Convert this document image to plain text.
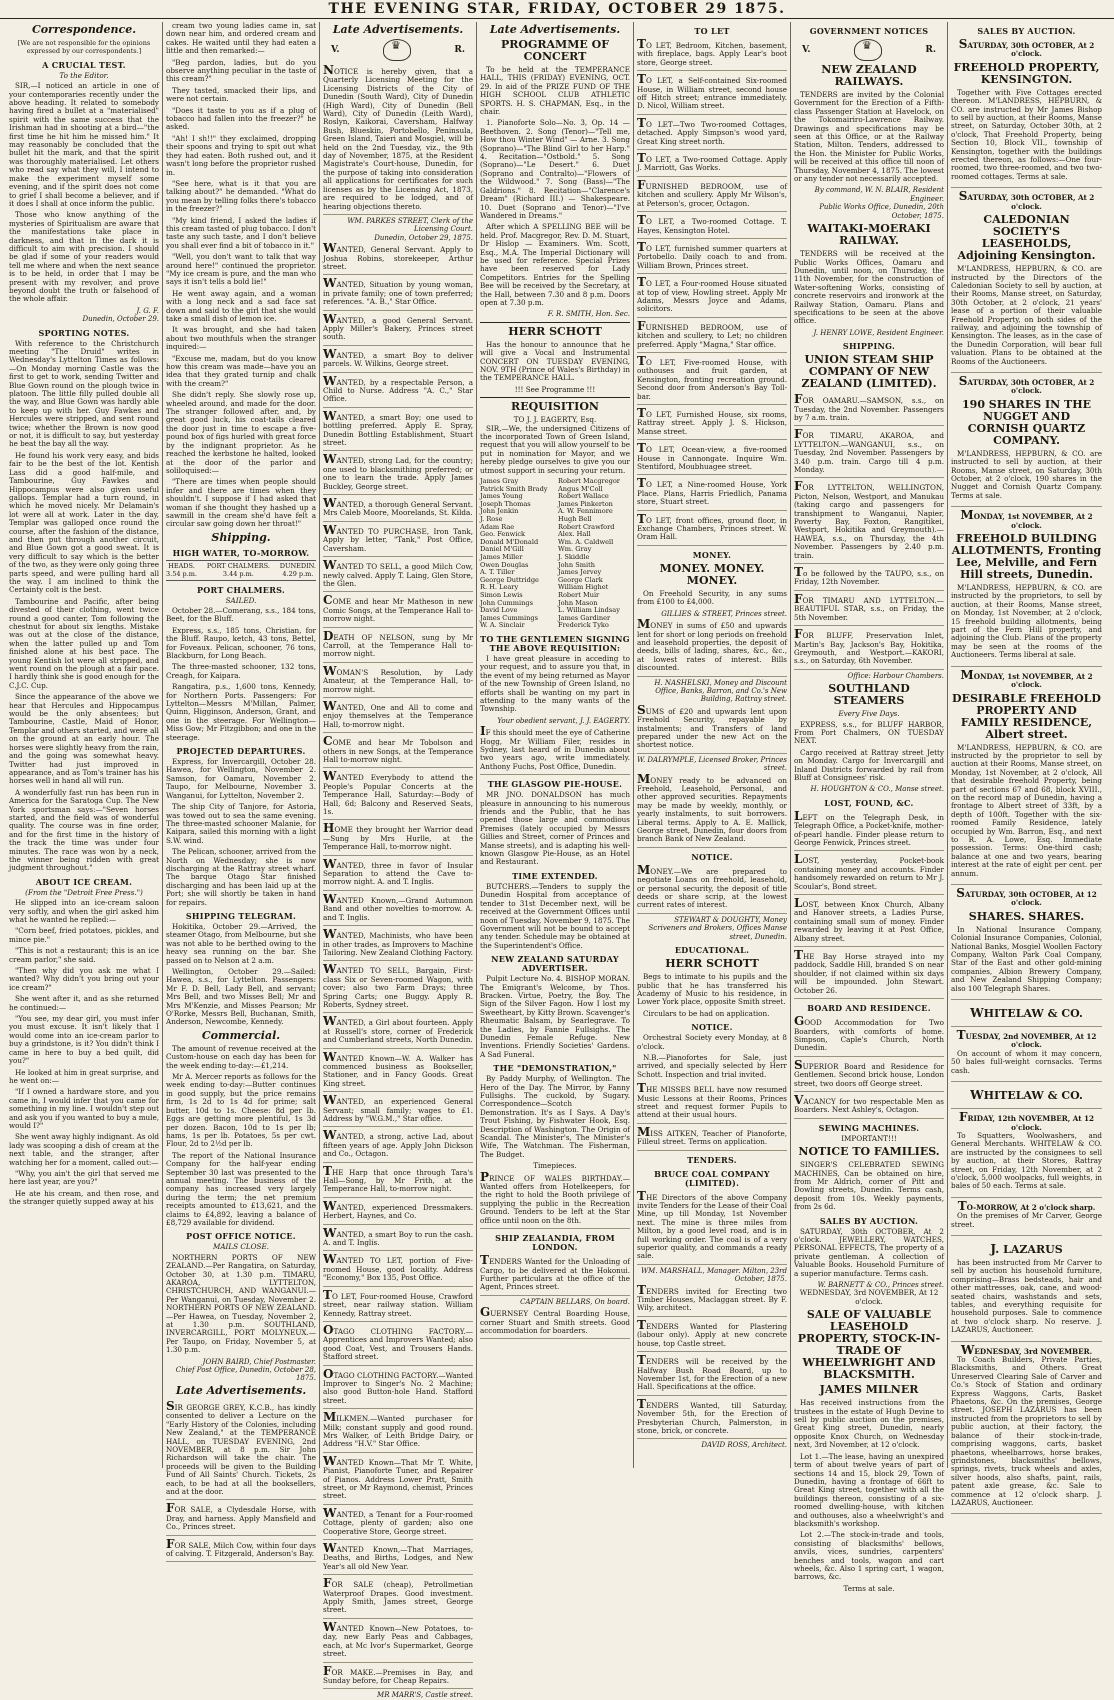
THE EVENING STAR, FRIDAY, OCTOBER 29 1875.
Correspondence.

[We are not responsible for the opinions expressed by our correspondents.]

A CRUCIAL TEST.
To the Editor.

SIR,—I noticed an article in one of your contemporaries recently under the above heading. It related to somebody having fired a bullet at a "materialised" spirit with the same success that the Irishman had in shooting at a bird—"the first time he hit him he missed him." It may reasonably be concluded that the bullet hit the mark, and that the spirit was thoroughly materialised. Let others who read say what they will, I intend to make the experiment myself some evening, and if the spirit does not come to grief I shall become a believer, and if it does I shall at once inform the public.

Those who know anything of the mysteries of Spiritualism are aware that the manifestations take place in darkness, and that in the dark it is difficult to aim with precision. I should be glad if some of your readers would tell me where and when the next seance is to be held, in order that I may be present with my revolver, and prove beyond doubt the truth or falsehood of the whole affair.

J. G. F.
Dunedin, October 29.
SPORTING NOTES.

With reference to the Christchurch meeting "The Druid" writes in Wednesday's Lyttelton Times as follows:—On Monday morning Castle was the first to get to work, sending Twitter and Blue Gown round on the plough twice in platoon. The little filly pulled double all the way, and Blue Gown was hardly able to keep up with her. Guy Fawkes and Hercules were stripped, and sent round twice; whether the Brown is now good or not, it is difficult to say, but yesterday he beat the bay all the way.

He found his work very easy, and bids fair to be the best of the lot. Kentish Lass did a good half-mile, and Tambourine, Guy Fawkes and Hippocampus were also given useful gallops. Templar had a turn round, in which he moved nicely. Mr Delamain's lot were all at work. Later in the day, Templar was galloped once round the course, after the fashion of the distance, and then put through another circuit, and Blue Gown got a good sweat. It is very difficult to say which is the better of the two, as they were only going three parts speed, and were pulling hard all the way. I am inclined to think the Certainty colt is the best.

Tambourine and Pacific, after being divested of their clothing, went twice round a good canter, Tom following the chestnut for about six lengths. Mistake was out at the close of the distance, when the latter pulled up and Tom finished alone at his best pace. The young Kentish lot were all stripped, and went round on the plough at a fair pace. I hardly think she is good enough for the C.J.C. Cup.

Since the appearance of the above we hear that Hercules and Hippocampus would be the only absentees; but Tambourine, Castle, Maid of Honor, Templar and others started, and were all on the ground at an early hour. The horses were slightly heavy from the rain, and the going was somewhat heavy. Twitter had just improved in appearance, and as Tom's trainer has his horses well in hand all will run.

A wonderfully fast run has been run in America for the Saratoga Cup. The New York sportsman says:—"Seven horses started, and the field was of wonderful quality. The course was in fine order, and for the first time in the history of the track the time was under four minutes. The race was won by a neck, the winner being ridden with great judgment throughout."

ABOUT ICE CREAM.
(From the "Detroit Free Press.")

He slipped into an ice-cream saloon very softly, and when the girl asked him what he wanted he replied:—

"Corn beef, fried potatoes, pickles, and mince pie."

"This is not a restaurant; this is an ice cream parlor," she said.

"Then why did you ask me what I wanted? Why didn't you bring out your ice cream?"

She went after it, and as she returned he continued:—

"You see, my dear girl, you must infer you must excuse. It isn't likely that I would come into an ice-cream parlor to buy a grindstone, is it? You didn't think I came in here to buy a bed quilt, did you?"

He looked at him in great surprise, and he went on:—

"If I owned a hardware store, and you came in, I would infer that you came for something in my line. I wouldn't step out and ask you if you wanted to buy a mule, would I?"

She went away highly indignant. As old lady was scooping a dish of cream at the next table, and the stranger, after watching her for a moment, called out:—

"Why, you ain't the girl that served me here last year, are you?"

He ate his cream, and then rose, and the stranger quietly supped away at his

cream two young ladies came in, sat down near him, and ordered cream and cakes. He waited until they had eaten a little and then remarked:—

"Beg pardon, ladies, but do you observe anything peculiar in the taste of this cream?"

They tasted, smacked their lips, and were not certain.

"Does it taste to you as if a plug of tobacco had fallen into the freezer?" he asked.

"Ah! I sh!!" they exclaimed, dropping their spoons and trying to spit out what they had eaten. Both rushed out, and it wasn't long before the proprietor rushed in.

"See here, what is it that you are talking about?" he demanded. "What do you mean by telling folks there's tobacco in the freezer?"

"My kind friend, I asked the ladies if this cream tasted of plug tobacco. I don't taste any such taste, and I don't believe you shall ever find a bit of tobacco in it."

"Well, you don't want to talk that way around here!" continued the proprietor. "My ice cream is pure, and the man who says it isn't tells a bold lie!"

He went away again, and a woman with a long neck and a sad face sat down and said to the girl that she would take a small dish of lemon ice.

It was brought, and she had taken about two mouthfuls when the stranger inquired:—

"Excuse me, madam, but do you know how this cream was made—have you an idea that they grated turnip and chalk with the cream?"

She didn't reply. She slowly rose up, wheeled around, and made for the door. The stranger followed after, and, by great good luck, his coat-tails cleared the door just in time to escape a five-pound box of figs hurled with great force by the indignant proprietor. As he reached the kerbstone he halted, looked at the door of the parlor and soliloquised:—

"There are times when people should infer and there are times when they shouldn't. I suppose if I had asked that woman if she thought they hashed up a sawmill in the cream she'd have felt a circular saw going down her throat!"

Shipping.
HIGH WATER, TO-MORROW.
HEADS.
3.54 p.m.
PORT CHALMERS.
3.44 p.m.
DUNEDIN.
4.29 p.m.
PORT CHALMERS.
SAILED.

October 28.—Comerang, s.s., 184 tons, Beet, for the Bluff.

Express, s.s., 185 tons, Christian, for the Bluff. Raupo, ketch, 43 tons, Bettel, for Foveaux. Pelican, schooner, 76 tons, Blackburn, for Long Beach.

The three-masted schooner, 132 tons, Creagh, for Kaipara.

Rangatira, p.s., 1,600 tons, Kennedy, for Northern Ports. Passengers: For Lyttelton—Messrs M'Millan, Palmer, Quinn, Higginson, Anderson, Grant, and one in the steerage. For Wellington—Miss Gow; Mr Fitzgibbon; and one in the steerage.

PROJECTED DEPARTURES.

Express, for Invercargill, October 28. Hawea, for Wellington, November 2. Samson, for Oamaru, November 2. Taupo, for Melbourne, November 3. Wanganui, for Lyttelton, November 2.

The ship City of Tanjore, for Astoria, was towed out to sea the same evening. The three-masted schooner Malanie, for Kaipara, sailed this morning with a light S.W. wind.

The Pelican, schooner, arrived from the North on Wednesday; she is now discharging at the Rattray street wharf. The barque Otago Star finished discharging and has been laid up at the Port; she will shortly be taken in hand for repairs.

SHIPPING TELEGRAM.

Hokitika, October 29.—Arrived, the steamer Otago, from Melbourne, but she was not able to be berthed owing to the heavy sea running on the bar. She passed on to Nelson at 2 a.m.

Wellington, October 29.—Sailed: Hawea, s.s., for Lyttelton. Passengers: Mr F. D. Bell, Lady Bell, and servant; Mrs Bell, and two Misses Bell; Mr and Mrs M'Kenzie, and Misses Pearson; Mr O'Rorke, Messrs Bell, Buchanan, Smith, Anderson, Newcombe, Kennedy.

Commercial.

The amount of revenue received at the Custom-house on each day has been for the week ending to-day:—£1,214.

Mr A. Mercer reports as follows for the week ending to-day:—Butter continues in good supply, but the price remains firm, 1s 2d to 1s 4d for prime; salt butter, 10d to 1s. Cheese: 8d per lb. Eggs are getting more plentiful, 1s 3d per dozen. Bacon, 10d to 1s per lb; hams, 1s per lb. Potatoes, 5s per cwt. Flour, 2d to 2½d per lb.

The report of the National Insurance Company for the half-year ending September 30 last was presented to the annual meeting. The business of the company has increased very largely during the term; the net premium receipts amounted to £13,621, and the claims to £4,892, leaving a balance of £8,729 available for dividend.

POST OFFICE NOTICE.
MAILS CLOSE.

NORTHERN PORTS OF NEW ZEALAND.—Per Rangatira, on Saturday, October 30, at 1.30 p.m. TIMARU, AKAROA, LYTTELTON, CHRISTCHURCH, AND WANGANUI.—Per Wanganui, on Tuesday, November 2. NORTHERN PORTS OF NEW ZEALAND.—Per Hawea, on Tuesday, November 2, at 1.30 p.m. SOUTHLAND, INVERCARGILL, PORT MOLYNEUX.—Per Taupo, on Friday, November 5, at 1.30 p.m.

JOHN BAIRD, Chief Postmaster.
Chief Post Office, Dunedin, October 28, 1875.
Late Advertisements.
SIR GEORGE GREY, K.C.B., has kindly consented to deliver a Lecture on the "Early History of the Colonies, including New Zealand," at the TEMPERANCE HALL, on TUESDAY EVENING, 2nd NOVEMBER, at 8 p.m. Sir John Richardson will take the chair. The proceeds will be given to the Building Fund of All Saints' Church. Tickets, 2s each, to be had at all the booksellers, and at the door.
FOR SALE, a Clydesdale Horse, with Dray, and harness. Apply Mansfield and Co., Princes street.
FOR SALE, Milch Cow, within four days of calving. T. Fitzgerald, Anderson's Bay.
Late Advertisements.
V. ♛	R.
NOTICE is hereby given, that a Quarterly Licensing Meeting for the Licensing Districts of the City of Dunedin (South Ward), City of Dunedin (High Ward), City of Dunedin (Bell Ward), City of Dunedin (Leith Ward), Roslyn, Kaikorai, Caversham, Halfway Bush, Blueskin, Portobello, Peninsula, Green Island, Taieri and Mosgiel, will be held on the 2nd Tuesday, viz., the 9th day of November, 1875, at the Resident Magistrate's Court-house, Dunedin, for the purpose of taking into consideration all applications for certificates for such licenses as by the Licensing Act, 1873, are required to be lodged, and of hearing objections thereto.
WM. PARKES STREET, Clerk of the Licensing Court.
Dunedin, October 29, 1875.
WANTED, General Servant. Apply to Joshua Robins, storekeeper, Arthur street.
WANTED, Situation by young woman, in private family; one of town preferred; references. "A. B.," Star Office.
WANTED, a good General Servant. Apply Miller's Bakery, Princes street south.
WANTED, a smart Boy to deliver parcels. W. Wilkins, George street.
WANTED, by a respectable Person, a Child to Nurse. Address "A. C.," Star Office.
WANTED, a smart Boy; one used to bottling preferred. Apply E. Spray, Dunedin Bottling Establishment, Stuart street.
WANTED, strong Lad, for the country; one used to blacksmithing preferred; or one to learn the trade. Apply James Buckley, George street.
WANTED, a thorough General Servant. Mrs Caleb Moore, Moorelands, St. Kilda.
WANTED TO PURCHASE, Iron Tank, Apply by letter, "Tank," Post Office, Caversham.
WANTED TO SELL, a good Milch Cow, newly calved. Apply T. Laing, Glen Store, the Glen.
COME and hear Mr Matheson in new Comic Songs, at the Temperance Hall to-morrow night.
DEATH OF NELSON, sung by Mr Carroll, at the Temperance Hall to-morrow night.
WOMAN'S Resolution, by Lady Amateur, at the Temperance Hall, to-morrow night.
WANTED, One and All to come and enjoy themselves at the Temperance Hall, to-morrow night.
COME and hear Mr Tobolson and others in new Songs, at the Temperance Hall to-morrow night.
WANTED Everybody to attend the People's Popular Concerts at the Temperance Hall, Saturday:—Body of Hall, 6d; Balcony and Reserved Seats, 1s.
HOME they brought her Warrior dead—Sung by Mrs Hurlle, at the Temperance Hall, to-morrow night.
WANTED, three in favor of Insular Separation to attend the Cave to-morrow night. A. and T. Inglis.
WANTED Known,—Grand Autumnon Band and other novelties to-morrow. A. and T. Inglis.
WANTED, Machinists, who have been in other trades, as Improvers to Machine Tailoring. New Zealand Clothing Factory.
WANTED TO SELL, Bargain, First-class Six or Seven-roomed Wagon, with cover; also two Farm Drays; three Spring Carts; one Buggy. Apply R. Roberts, Sydney street.
WANTED, a Girl about fourteen. Apply at Russell's store, corner of Frederick and Cumberland streets, North Dunedin.
WANTED Known—W. A. Walker has commenced business as Bookseller, Stationer, and in Fancy Goods. Great King street.
WANTED, an experienced General Servant; small family; wages to £1. Address by "W.G.M.," Star office.
WANTED, a strong, active Lad, about fifteen years of age. Apply John Dickson and Co., Octagon.
THE Harp that once through Tara's Hall—Song, by Mr Frith, at the Temperance Hall, to-morrow night.
WANTED, experienced Dressmakers. Herbert, Haynes, and Co.
WANTED, a smart Boy to run the cash. A. and T. Inglis.
WANTED TO LET, portion of Five-roomed House, good locality. Address "Economy," Box 135, Post Office.
TO LET, Four-roomed House, Crawford street, near railway station. William Kennedy, Rattray street.
OTAGO CLOTHING FACTORY.—Apprentices and Improvers Wanted; also good Coat, Vest, and Trousers Hands. Stafford street.
OTAGO CLOTHING FACTORY.—Wanted Improver to Singer's No. 2 Machine; also good Button-hole Hand. Stafford street.
MILKMEN.—Wanted purchaser for Milk; constant supply and good round. Mrs Walker, of Leith Bridge Dairy, or Address "H.V." Star Office.
WANTED Known—That Mr T. White, Pianist, Pianoforte Tuner, and Repairer of Pianos. Address Lower Pratt, Smith street, or Mr Raymond, chemist, Princes street.
WANTED, a Tenant for a Four-roomed Cottage, plenty of garden; also one Cooperative Store, George street.
WANTED Known,—That Marriages, Deaths, and Births, Lodges, and New Year's all old New Year.
FOR SALE (cheap), Petrollmetian Waterproof Drapes. Good investment. Apply Smith, James street, George street.
WANTED Known—New Potatoes, to-day, new Early Peas and Cabbages, each, at Mc Ivor's Supermarket, George street.
FOR MAKE.—Premises in Bay, and Sunday before, for Cheap Repairs.
MR MARR'S, Castle street.
Late Advertisements.
PROGRAMME OF CONCERT

To be held at the TEMPERANCE HALL, THIS (FRIDAY) EVENING, OCT. 29. In aid of the PRIZE FUND OF THE HIGH SCHOOL CLUB ATHLETIC SPORTS. H. S. CHAPMAN, Esq., in the chair.

1. Pianoforte Solo—No. 3, Op. 14 — Beethoven. 2. Song (Tenor)—"Tell me, How thou Winter Wind" — Arne. 3. Song (Soprano)—"The Blind Girl to her Harp." 4. Recitation—"Ostbold." 5. Song (Soprano)—"Le Desert." 6. Duet (Soprano and Contralto)—"Flowers of the Wildwood." 7. Song (Bass)—"The Galdrions." 8. Recitation—"Clarence's Dream" (Richard III.) — Shakespeare. 10. Duet (Soprano and Tenor)—"I've Wandered in Dreams."

After which A SPELLING BEE will be held. Prof. Macgregor, Rev. D. M. Stuart, Dr Hislop — Examiners. Wm. Scott, Esq., M.A. The Imperial Dictionary will be used for reference. Special Prizes have been reserved for Lady Competitors. Entries for the Spelling Bee will be received by the Secretary, at the Hall, between 7.30 and 8 p.m. Doors open at 7.30 p.m.

F. R. SMITH, Hon. Sec.
HERR SCHOTT

Has the honour to announce that he will give a Vocal and Instrumental CONCERT ON TUESDAY EVENING, NOV. 9TH (Prince of Wales's Birthday) in the TEMPERANCE HALL.

!!! See Programme !!!
REQUISITION
TO J. J. EAGERTY, Esq.

SIR,—We, the undersigned Citizens of the incorporated Town of Green Island, request that you will allow yourself to be put in nomination for Mayor, and we hereby pledge ourselves to give you our utmost support in securing your return.

James Gray
Patrick Smith Brady
James Young
Joseph Thomas
John Jenkin
J. Rose
Adam Rae
Geo. Fenwick
Donald M'Donald
Daniel M'Gill
James Miller
Owen Douglas
A. T. Tiller
George Duttridge
R. H. Leary
Simon Lewis
John Cummings
David Love
James Cummings
W. A. Sinclair
Robert Macgregor
Angus M'Coll
Robert Wallace
James Pinkerton
A. W. Fennimore
Hugh Bell
Robert Crawford
Alex. Hall
Wm. A. Caldwell
Wm. Gray
J. Skiddle
John Smith
James Jervey
George Clark
William Highet
Robert Muir
John Mason
L. William Lindsay
James Gardiner
Frederick Tyko
TO THE GENTLEMEN SIGNING THE ABOVE REQUISITION:

I have great pleasure in acceding to your request, and to assure you that, in the event of my being returned as Mayor of the new Township of Green Island, no efforts shall be wanting on my part in attending to the many wants of the Township.

Your obedient servant, J. J. EAGERTY.
IF this should meet the eye of Catherine Hogg, Mr William Filer, resides in Sydney, last heard of in Dunedin about two years ago, write immediately. Anthony Fuchs, Post Office, Dunedin.
THE GLASGOW PIE-HOUSE.

MR JNO. DONALDSON has much pleasure in announcing to his numerous friends and the Public, that he has opened those large and commodious Premises (lately occupied by Messrs Gillies and Street, corner of Princes and Manse streets), and is adapting his well-known Glasgow Pie-House, as an Hotel and Restaurant.

TIME EXTENDED.

BUTCHERS.—Tenders to supply the Dunedin Hospital from acceptance of tender to 31st December next, will be received at the Government Offices until noon of Tuesday, November 9, 1875. The Government will not be bound to accept any tender. Schedule may be obtained at the Superintendent's Office.

NEW ZEALAND SATURDAY ADVERTISER.

Pulpit Lecture No. 4. BISHOP MORAN. The Emigrant's Welcome, by Thos. Bracken. Virtue, Poetry, the Boy. The Sign of the Silver Fagon. How I lost my Sweetheart, by Kitty Brown. Scavenger's Rheumatic Balsam, by Searlegrave. To the Ladies, by Fannie Fullsighs. The Dunedin Female Refuge. New Inventions. Friendly Societies' Gardens. A Sad Funeral.

THE "DEMONSTRATION,"

By Paddy Murphy, of Wellington. The Hero of the Day. The Mirror, by Fanny Fullsighs. The cuckold, by Sugary. Correspondence—Scotch Demonstration. It's as I Says. A Day's Trout Fishing, by Fishwater Hook, Esq. Description of Washington. The Origin of Scandal. The Minister's, The Minister's Wife, The Watchman. The Fisherman, The Budget.

Timepieces.
PRINCE OF WALES BIRTHDAY.—Wanted offers from Hotelkeepers, for the right to hold the Booth privilege of supplying the public in the Recreation Ground. Tenders to be left at the Star office until noon on the 8th.
SHIP ZEALANDIA, FROM LONDON.
TENDERS Wanted for the Unloading of Cargo, to be delivered at the Hokonui. Further particulars at the office of the Agent, Princes street.
CAPTAIN BELLARS, On board.
GUERNSEY Central Boarding House, corner Stuart and Smith streets. Good accommodation for boarders.
TO LET
TO LET, Bedroom, Kitchen, basement, with fireplace, bags. Apply Lear's boot store, George street.
TO LET, a Self-contained Six-roomed House, in William street, second house off Hitch street; entrance immediately. D. Nicol, William street.
TO LET—Two Two-roomed Cottages, detached. Apply Simpson's wood yard, Great King street north.
TO LET, a Two-roomed Cottage. Apply J. Marriott, Gas Works.
FURNISHED BEDROOM, use of kitchen and scullery. Apply Mr Wilson's, at Peterson's, grocer, Octagon.
TO LET, a Two-roomed Cottage. T. Hayes, Kensington Hotel.
TO LET, furnished summer quarters at Portobello. Daily coach to and from. William Brown, Princes street.
TO LET, a Four-roomed House situated at top of view, Howling street. Apply Mr Adams, Messrs Joyce and Adams, solicitors.
FURNISHED BEDROOM, use of kitchen and scullery, to Let; no children preferred. Apply "Magna," Star office.
TO LET, Five-roomed House, with outhouses and fruit garden, at Kensington, fronting recreation ground. Second door from Anderson's Bay Toll-bar.
TO LET, Furnished House, six rooms, Rattray street. Apply J. S. Hickson, Manse street.
TO LET, Ocean-view, a five-roomed House in Cannongate. Inquire Wm. Stentiford, Moubhuagee street.
TO LET, a Nine-roomed House, York Place. Plans, Harris Friedlich, Panama store, Stuart street.
TO LET, front offices, ground floor, in Exchange Chambers, Princes street. W. Oram Hall.
MONEY.
MONEY. MONEY. MONEY.

On Freehold Security, in any sums from £100 to £4,000.

GILLIES & STREET, Princes street.
MONEY in sums of £50 and upwards lent for short or long periods on freehold and leasehold properties, the deposit of deeds, bills of lading, shares, &c., &c., at lowest rates of interest. Bills discounted.
H. NASHELSKI, Money and Discount Office, Banks, Barron, and Co.'s New Building, Rattray street.
SUMS of £20 and upwards lent upon Freehold Security, repayable by instalments; and Transfers of land prepared under the new Act on the shortest notice.
W. DALRYMPLE, Licensed Broker, Princes street.
MONEY ready to be advanced on Freehold, Leasehold, Personal, and other approved securities. Repayments may be made by weekly, monthly, or yearly instalments, to suit borrowers. Liberal terms. Apply to A. E. Mallick, George street, Dunedin, four doors from branch Bank of New Zealand.
NOTICE.
MONEY.—We are prepared to negotiate Loans on freehold, leasehold, or personal security, the deposit of title deeds or share scrip, at the lowest current rates of interest.
STEWART & DOUGHTY, Money Scriveners and Brokers, Offices Manse street, Dunedin.
EDUCATIONAL.
HERR SCHOTT

Begs to intimate to his pupils and the public that he has transferred his Academy of Music to his residence, in Lower York place, opposite Smith street.

Circulars to be had on application.

NOTICE.

Orchestral Society every Monday, at 8 o'clock.

N.B.—Pianofortes for Sale, just arrived, and specially selected by Herr Schott. Inspection and trial invited.

THE MISSES BELL have now resumed Music Lessons at their Rooms, Princes street and request former Pupils to attend at their usual hours.
MISS AITKEN, Teacher of Pianoforte, Filleul street. Terms on application.
TENDERS.
BRUCE COAL COMPANY (LIMITED).
THE Directors of the above Company invite Tenders for the Lease of their Coal Mine, up till Monday, 1st November next. The mine is three miles from Milton, by a good level road, and is in full working order. The coal is of a very superior quality, and commands a ready sale.
WM. MARSHALL, Manager. Milton, 23rd October, 1875.
TENDERS invited for Erecting two Timber Houses, Maclaggan street. By F. Wily, architect.
TENDERS Wanted for Plastering (labour only). Apply at new concrete house, top Castle street.
TENDERS will be received by the Halfway Bush Road Board, up to November 1st, for the Erection of a new Hall. Specifications at the office.
TENDERS Wanted, till Saturday, November 5th, for the Erection of Presbyterian Church, Palmerston, in stone, brick, or concrete.
DAVID ROSS, Architect.
GOVERNMENT NOTICES
V. ♛	R.
NEW ZEALAND RAILWAYS.

TENDERS are invited by the Colonial Government for the Erection of a Fifth-class Passenger Station at Havelock, on the Tokomairiro-Lawrence Railway. Drawings and specifications may be seen at this Office, or at the Railway Station, Milton. Tenders, addressed to the Hon. the Minister for Public Works, will be received at this office till noon of Thursday, November 4, 1875. The lowest or any tender not necessarily accepted.

By command, W. N. BLAIR, Resident Engineer.
Public Works Office, Dunedin, 20th October, 1875.
WAITAKI-MOERAKI RAILWAY.

TENDERS will be received at the Public Works Offices, Oamaru and Dunedin, until noon, on Thursday, the 11th November, for the construction of Water-softening Works, consisting of concrete reservoirs and ironwork at the Railway Station, Oamaru. Plans and specifications to be seen at the above office.

J. HENRY LOWE, Resident Engineer.
SHIPPING.
UNION STEAM SHIP COMPANY OF NEW ZEALAND (LIMITED).
FOR OAMARU.—SAMSON, s.s., on Tuesday, the 2nd November. Passengers by 7 a.m. train.
FOR TIMARU, AKAROA, and LYTTELTON.—WANGANUI, s.s., on Tuesday, 2nd November. Passengers by 3.40 p.m. train. Cargo till 4 p.m. Monday.
FOR LYTTELTON, WELLINGTON, Picton, Nelson, Westport, and Manukau (taking cargo and passengers for transhipment to Wanganui, Napier, Poverty Bay, Foxton, Rangitikei, Westport, Hokitika and Greymouth).—HAWEA, s.s., on Thursday, the 4th November. Passengers by 2.40 p.m. train.
To be followed by the TAUPO, s.s., on Friday, 12th November.
FOR TIMARU AND LYTTELTON.—BEAUTIFUL STAR, s.s., on Friday, the 5th November.
FOR BLUFF, Preservation Inlet, Martin's Bay, Jackson's Bay, Hokitika, Greymouth, and Westport.—KAKORI, s.s., on Saturday, 6th November.
Office: Harbour Chambers.
SOUTHLAND STEAMERS
Every Five Days.

EXPRESS, s.s., for BLUFF HARBOR, From Port Chalmers, ON TUESDAY NEXT.

Cargo received at Rattray street Jetty on Monday. Cargo for Invercargill and Inland Districts forwarded by rail from Bluff at Consignees' risk.

H. HOUGHTON & CO., Manse street.
LOST, FOUND, &C.
LEFT on the Telegraph Desk, in Telegraph Office, a Pocket-knife, mother-of-pearl handle. Finder please return to George Fenwick, Princes street.
LOST, yesterday, Pocket-book containing money and accounts. Finder handsomely rewarded on return to Mr J. Scoular's, Bond street.
LOST, between Knox Church, Albany and Hanover streets, a Ladies Purse, containing small sum of money. Finder rewarded by leaving it at Post Office, Albany street.
THE Bay Horse strayed into my paddock, Saddle Hill, branded S on near shoulder, if not claimed within six days will be impounded. John Stewart. October 26.
BOARD AND RESIDENCE.
GOOD Accommodation for Two Boarders, with comforts of home. Simpson, Caple's Church, North Dunedin.
SUPERIOR Board and Residence for Gentlemen. Second brick house, London street, two doors off George street.
VACANCY for two respectable Men as Boarders. Next Ashley's, Octagon.
SEWING MACHINES.
IMPORTANT!!!
NOTICE TO FAMILIES.

SINGER'S CELEBRATED SEWING MACHINES, Can be obtained on hire, from Mr Aldrich, corner of Pitt and Dowling streets, Dunedin. Terms cash, deposit from 10s. Weekly payments, from 2s 6d.

SALES BY AUCTION.

SATURDAY, 30th OCTOBER, At 2 o'clock. JEWELLERY, WATCHES, PERSONAL EFFECTS, The property of a private gentleman. A collection of Valuable Books. Household Furniture of a superior manufacture. Terms cash.

W. BARNETT & CO., Princes street.
WEDNESDAY, 3rd NOVEMBER, At 12 o'clock.
SALE OF VALUABLE LEASEHOLD PROPERTY, STOCK-IN-TRADE OF WHEELWRIGHT AND BLACKSMITH.
JAMES MILNER

Has received instructions from the trustees in the estate of Hugh Devine to sell by public auction on the premises, Great King street, Dunedin, nearly opposite Knox Church, on Wednesday next, 3rd November, at 12 o'clock.

Lot 1.—The lease, having an unexpired term of about twelve years of part of sections 14 and 15, block 29, Town of Dunedin, having a frontage of 66ft to Great King street, together with all the buildings thereon, consisting of a six-roomed dwelling-house, with kitchen and outhouses, also a wheelwright's and blacksmith's workshop.

Lot 2.—The stock-in-trade and tools, consisting of blacksmiths' bellows, anvils, vices, sundries, carpenters' benches and tools, wagon and cart wheels, &c. Also 1 spring cart, 1 wagon, barrows, &c.

Terms at sale.
SALES BY AUCTION.
SATURDAY, 30th OCTOBER, At 2 o'clock.
FREEHOLD PROPERTY, KENSINGTON.

Together with Five Cottages erected thereon. M'LANDRESS, HEPBURN, & CO. are instructed by Mr James Bishop to sell by auction, at their Rooms, Manse street, on Saturday, October 30th, at 2 o'clock, That Freehold Property, being Section 10, Block VII., township of Kensington, together with the buildings erected thereon, as follows:—One four-roomed, two three-roomed, and two two-roomed cottages. Terms at sale.

SATURDAY, 30th OCTOBER, At 2 o'clock.
CALEDONIAN SOCIETY'S LEASEHOLDS, Adjoining Kensington.

M'LANDRESS, HEPBURN, & CO. are instructed by the Directors of the Caledonian Society to sell by auction, at their Rooms, Manse street, on Saturday, 30th October, at 2 o'clock, 21 years' lease of a portion of their valuable Freehold Property, on both sides of the railway, and adjoining the township of Kensington. The leases, as in the case of the Dunedin Corporation, will bear full valuation. Plans to be obtained at the Rooms of the Auctioneers.

SATURDAY, 30th OCTOBER, At 2 o'clock.
190 SHARES IN THE NUGGET AND CORNISH QUARTZ COMPANY.

M'LANDRESS, HEPBURN, & CO. are instructed to sell by auction, at their Rooms, Manse street, on Saturday, 30th October, at 2 o'clock, 190 shares in the Nugget and Cornish Quartz Company. Terms at sale.

MONDAY, 1st NOVEMBER, At 2 o'clock.
FREEHOLD BUILDING ALLOTMENTS, Fronting Lee, Melville, and Fern Hill streets, Dunedin.

M'LANDRESS, HEPBURN, & CO. are instructed by the proprietors, to sell by auction, at their Rooms, Manse street, on Monday, 1st November, at 2 o'clock, 15 freehold building allotments, being part of the Fern Hill property, and adjoining the Club. Plans of the property may be seen at the rooms of the Auctioneers. Terms liberal at sale.

MONDAY, 1st NOVEMBER, At 2 o'clock.
DESIRABLE FREEHOLD PROPERTY AND FAMILY RESIDENCE, Albert street.

M'LANDRESS, HEPBURN, & CO. are instructed by the proprietor to sell by auction at their Rooms, Manse street, on Monday, 1st November, at 2 o'clock, All that desirable freehold Property, being part of sections 67 and 68, block XVIII., on the record map of Dunedin, having a frontage to Albert street of 33ft, by a depth of 100ft. Together with the six-roomed Family Residence, lately occupied by Wm. Barron, Esq., and next to R. A. Lowe, Esq. Immediate possession. Terms: One-third cash; balance at one and two years, bearing interest at the rate of eight per cent. per annum.

SATURDAY, 30th OCTOBER, At 12 o'clock.
SHARES. SHARES.

In National Insurance Company, Colonial Insurance Companies, Colonial, National Banks, Mosgiel Woollen Factory Company, Walton Park Coal Company, Star of the East and other gold-mining companies, Albion Brewery Company, and New Zealand Shipping Company; also 100 Telegraph Shares.

WHITELAW & CO.
TUESDAY, 2nd NOVEMBER, At 12 o'clock.

On account of whom it may concern, 50 bales full-weight cornsacks. Terms cash.

WHITELAW & CO.
FRIDAY, 12th NOVEMBER, At 12 o'clock.

To Squatters, Woolwashers, and General Merchants. WHITELAW & CO. are instructed by the consignees to sell by auction, at their Stores, Rattray street, on Friday, 12th November, at 2 o'clock, 5,000 woolpacks, full weights, in bales of 50 each. Terms at sale.

TO-MORROW, At 2 o'clock sharp.

On the premises of Mr Carver, George street.

J. LAZARUS

has been instructed from Mr Carver to sell by auction his household furniture, comprising—Brass bedsteads, hair and other mattresses, oak, cane, and wood-seated chairs, washstands and sets, tables, and everything requisite for household purposes. Sale to commence at two o'clock sharp. No reserve. J. LAZARUS, Auctioneer.

WEDNESDAY, 3rd NOVEMBER.

To Coach Builders, Private Parties, Blacksmiths, and Others. Great Unreserved Clearing Sale of Carver and Co.'s Stock of Station and ordinary Express Waggons, Carts, Basket Phaetons, &c. On the premises, George street. JOSEPH LAZARUS has been instructed from the proprietors to sell by public auction, at their factory, the balance of their stock-in-trade, comprising waggons, carts, basket phaetons, wheelbarrows, horse brakes, grindstones, blacksmiths' bellows, springs, rivets, truck wheels and axles, silver hoods, also shafts, paint, rails, patent axle grease, &c. Sale to commence at 12 o'clock sharp. J. LAZARUS, Auctioneer.
